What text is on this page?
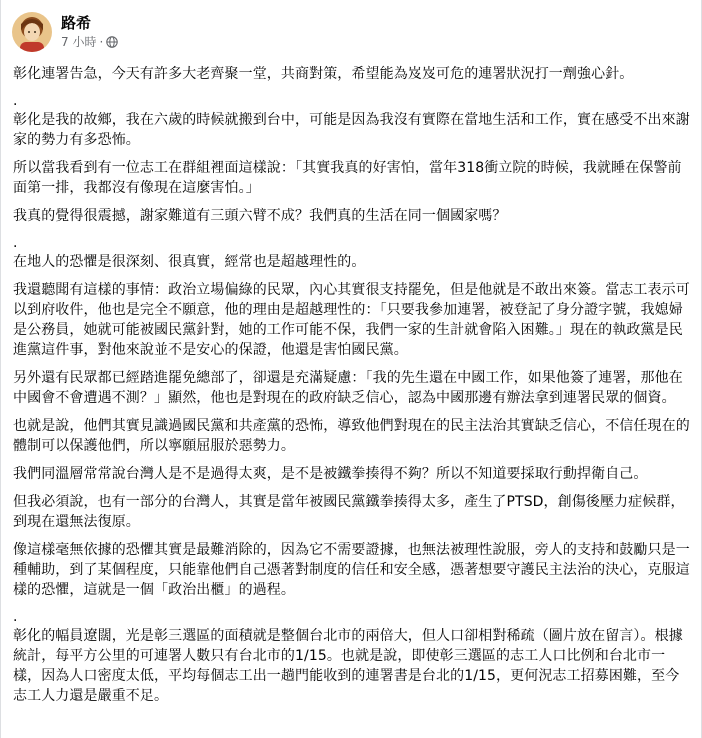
路希
7 小時 ·

彰化連署告急，今天有許多大老齊聚一堂，共商對策，希望能為岌岌可危的連署狀況打一劑強心針。

.

彰化是我的故鄉，我在六歲的時候就搬到台中，可能是因為我沒有實際在當地生活和工作，實在感受不出來謝家的勢力有多恐怖。

所以當我看到有一位志工在群組裡面這樣說：「其實我真的好害怕，當年318衝立院的時候，我就睡在保警前面第一排，我都沒有像現在這麼害怕。」

我真的覺得很震撼，謝家難道有三頭六臂不成？我們真的生活在同一個國家嗎？

.

在地人的恐懼是很深刻、很真實，經常也是超越理性的。

我還聽聞有這樣的事情：政治立場偏綠的民眾，內心其實很支持罷免，但是他就是不敢出來簽。當志工表示可以到府收件，他也是完全不願意，他的理由是超越理性的：「只要我參加連署，被登記了身分證字號，我媳婦是公務員，她就可能被國民黨針對，她的工作可能不保，我們一家的生計就會陷入困難。」現在的執政黨是民進黨這件事，對他來說並不是安心的保證，他還是害怕國民黨。

另外還有民眾都已經踏進罷免總部了，卻還是充滿疑慮：「我的先生還在中國工作，如果他簽了連署，那他在中國會不會遭遇不測？」顯然，他也是對現在的政府缺乏信心，認為中國那邊有辦法拿到連署民眾的個資。

也就是說，他們其實見識過國民黨和共產黨的恐怖，導致他們對現在的民主法治其實缺乏信心，不信任現在的體制可以保護他們，所以寧願屈服於惡勢力。

我們同溫層常常說台灣人是不是過得太爽，是不是被鐵拳揍得不夠？所以不知道要採取行動捍衛自己。

但我必須說，也有一部分的台灣人，其實是當年被國民黨鐵拳揍得太多，產生了PTSD，創傷後壓力症候群，到現在還無法復原。

像這樣毫無依據的恐懼其實是最難消除的，因為它不需要證據，也無法被理性說服，旁人的支持和鼓勵只是一種輔助，到了某個程度，只能靠他們自己憑著對制度的信任和安全感，憑著想要守護民主法治的決心，克服這樣的恐懼，這就是一個「政治出櫃」的過程。

.

彰化的幅員遼闊，光是彰三選區的面積就是整個台北市的兩倍大，但人口卻相對稀疏（圖片放在留言）。根據統計，每平方公里的可連署人數只有台北市的1/15。也就是說，即使彰三選區的志工人口比例和台北市一樣，因為人口密度太低，平均每個志工出一趟門能收到的連署書是台北的1/15，更何況志工招募困難，至今志工人力還是嚴重不足。
